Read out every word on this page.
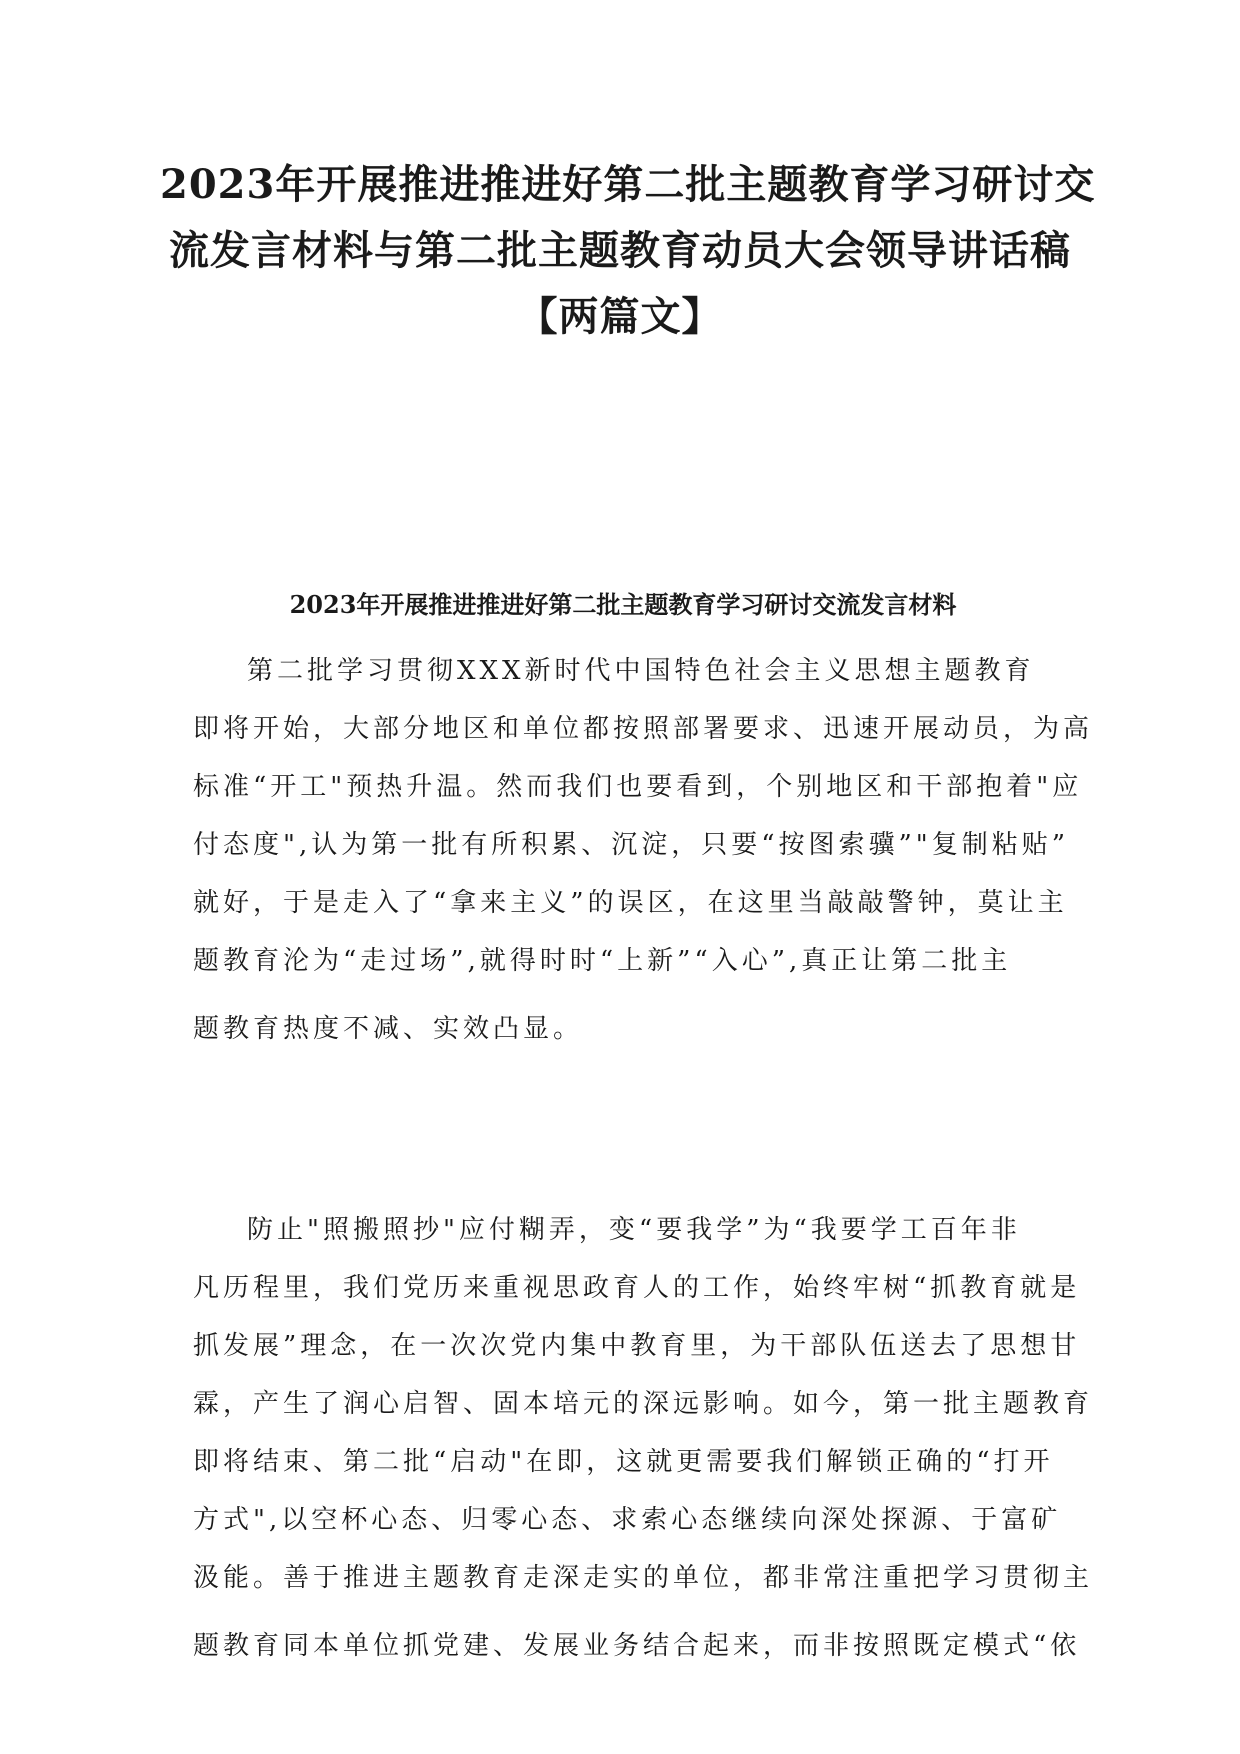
2023年开展推进推进好第二批主题教育学习研讨交
流发言材料与第二批主题教育动员大会领导讲话稿
【两篇文】
2023年开展推进推进好第二批主题教育学习研讨交流发言材料

第二批学习贯彻XXX新时代中国特色社会主义思想主题教育
即将开始，大部分地区和单位都按照部署要求、迅速开展动员，为高
标准“开工"预热升温。然而我们也要看到，个别地区和干部抱着"应
付态度",认为第一批有所积累、沉淀，只要“按图索骥”"复制粘贴”
就好，于是走入了“拿来主义”的误区，在这里当敲敲警钟，莫让主
题教育沦为“走过场”,就得时时“上新”“入心”,真正让第二批主
题教育热度不减、实效凸显。

防止"照搬照抄"应付糊弄，变“要我学”为“我要学工百年非
凡历程里，我们党历来重视思政育人的工作，始终牢树“抓教育就是
抓发展”理念，在一次次党内集中教育里，为干部队伍送去了思想甘
霖，产生了润心启智、固本培元的深远影响。如今，第一批主题教育
即将结束、第二批“启动"在即，这就更需要我们解锁正确的“打开
方式",以空杯心态、归零心态、求索心态继续向深处探源、于富矿
汲能。善于推进主题教育走深走实的单位，都非常注重把学习贯彻主
题教育同本单位抓党建、发展业务结合起来，而非按照既定模式“依
